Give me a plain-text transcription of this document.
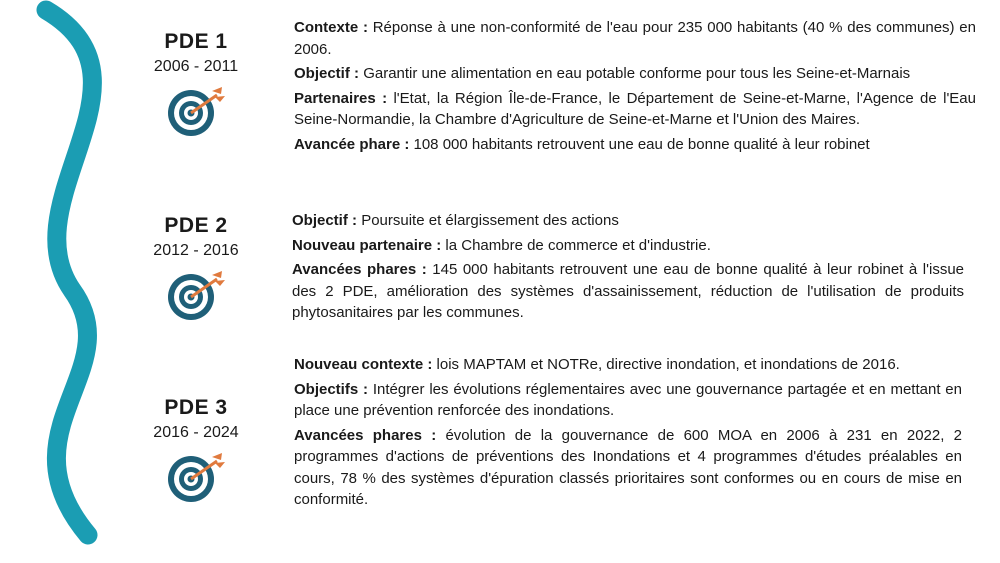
PDE 1
2006 - 2011

Contexte : Réponse à une non-conformité de l'eau pour 235 000 habitants (40 % des communes) en 2006.

Objectif : Garantir une alimentation en eau potable conforme pour tous les Seine-et-Marnais

Partenaires : l'Etat, la Région Île-de-France, le Département de Seine-et-Marne, l'Agence de l'Eau Seine-Normandie, la Chambre d'Agriculture de Seine-et-Marne et l'Union des Maires.

Avancée phare : 108 000 habitants retrouvent une eau de bonne qualité à leur robinet

PDE 2
2012 - 2016

Objectif : Poursuite et élargissement des actions

Nouveau partenaire : la Chambre de commerce et d'industrie.

Avancées phares : 145 000 habitants retrouvent une eau de bonne qualité à leur robinet à l'issue des 2 PDE, amélioration des systèmes d'assainissement, réduction de l'utilisation de produits phytosanitaires par les communes.

PDE 3
2016 - 2024

Nouveau contexte : lois MAPTAM et NOTRe, directive inondation, et inondations de 2016.

Objectifs : Intégrer les évolutions réglementaires avec une gouvernance partagée et en mettant en place une prévention renforcée des inondations.

Avancées phares : évolution de la gouvernance de 600 MOA en 2006 à 231 en 2022, 2 programmes d'actions de préventions des Inondations et 4 programmes d'études préalables en cours, 78 % des systèmes d'épuration classés prioritaires sont conformes ou en cours de mise en conformité.
